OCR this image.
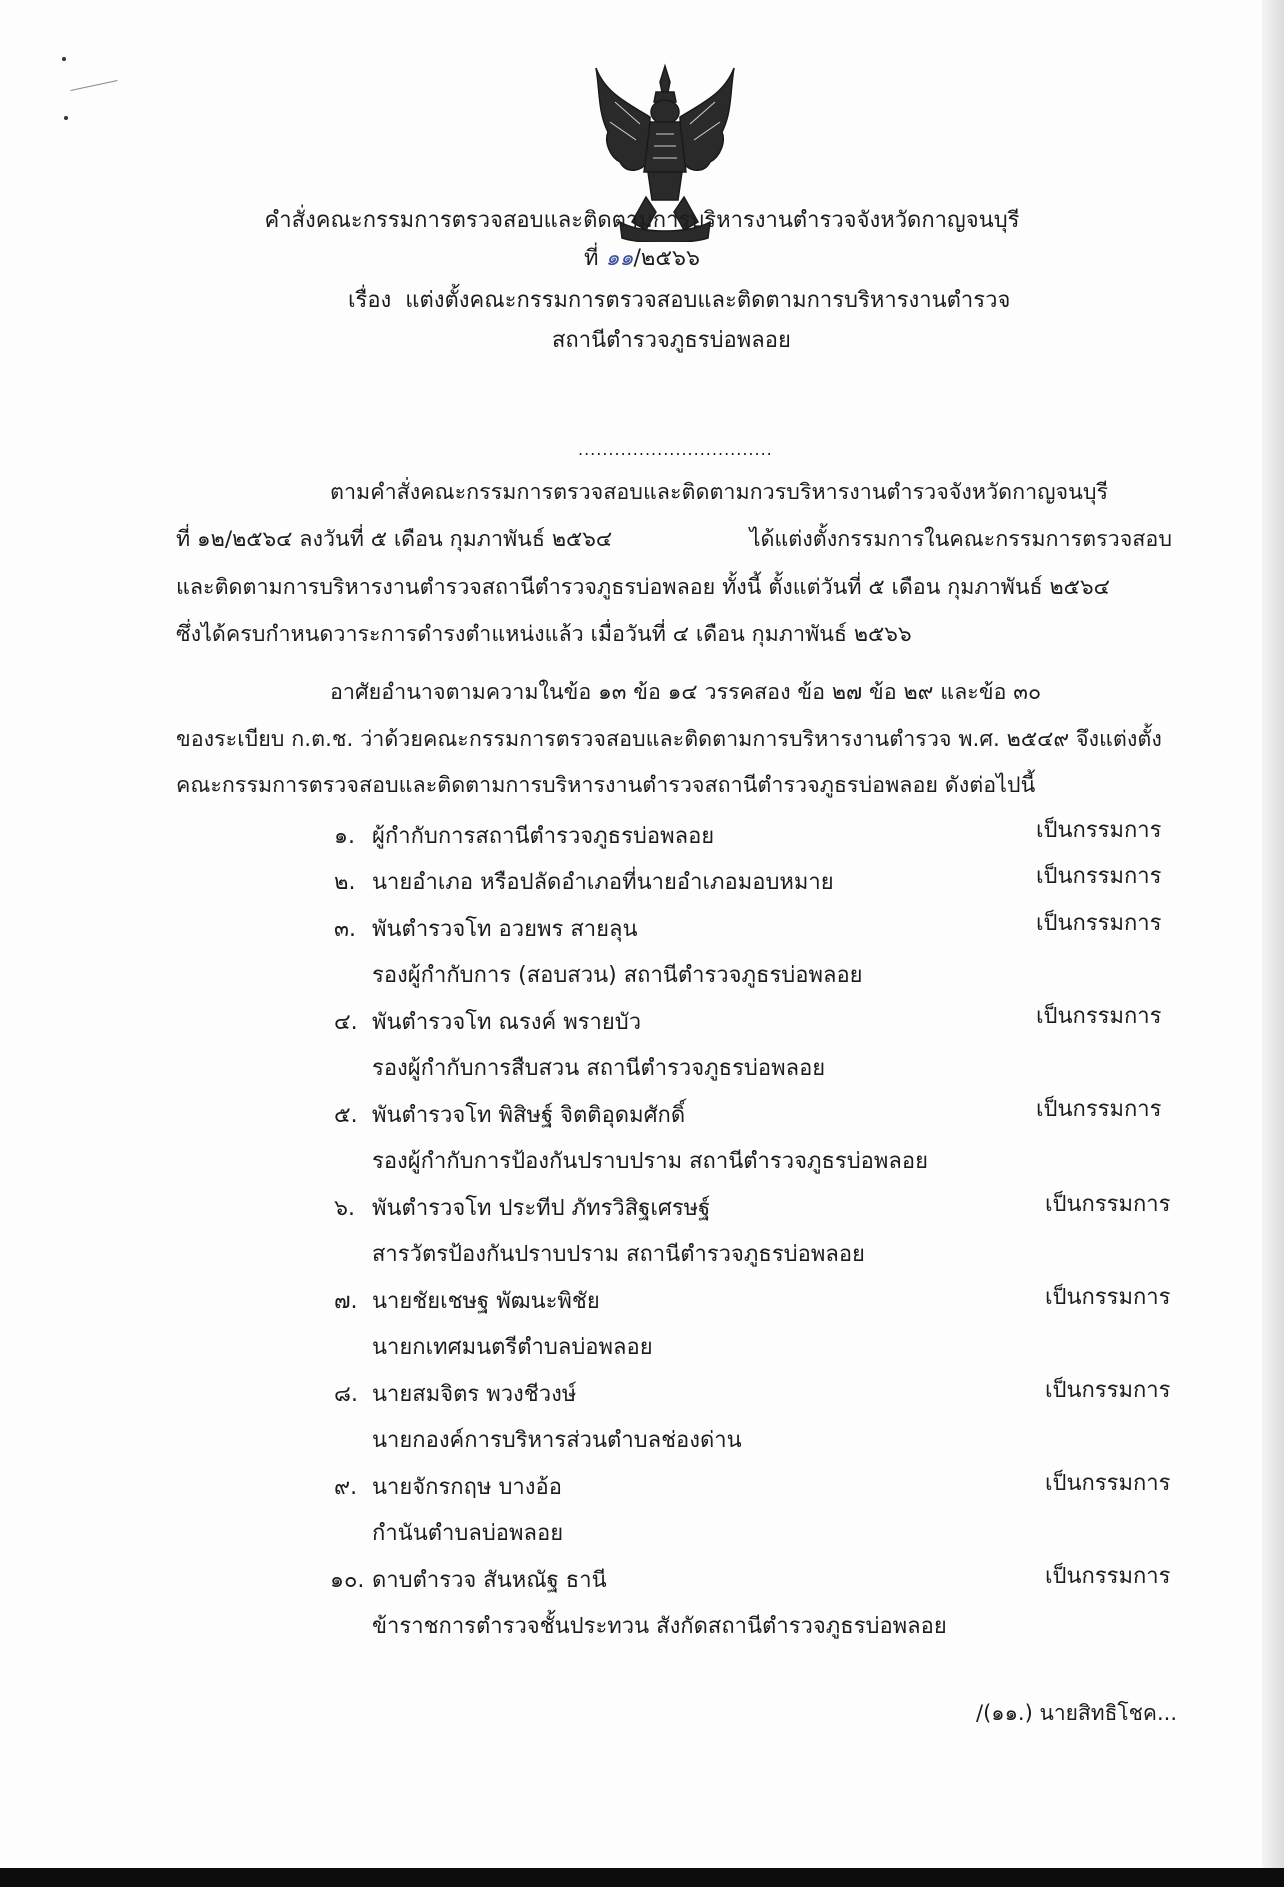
คำสั่งคณะกรรมการตรวจสอบและติดตามการบริหารงานตำรวจจังหวัดกาญจนบุรี
ที่ ๑๑/๒๕๖๖
เรื่อง แต่งตั้งคณะกรรมการตรวจสอบและติดตามการบริหารงานตำรวจ
สถานีตำรวจภูธรบ่อพลอย
................................
ตามคำสั่งคณะกรรมการตรวจสอบและติดตามกวรบริหารงานตำรวจจังหวัดกาญจนบุรี
ที่ ๑๒/๒๕๖๔ ลงวันที่ ๕ เดือน กุมภาพันธ์ ๒๕๖๔	ได้แต่งตั้งกรรมการในคณะกรรมการตรวจสอบ
และติดตามการบริหารงานตำรวจสถานีตำรวจภูธรบ่อพลอย ทั้งนี้ ตั้งแต่วันที่ ๕ เดือน กุมภาพันธ์ ๒๕๖๔
ซึ่งได้ครบกำหนดวาระการดำรงตำแหน่งแล้ว เมื่อวันที่ ๔ เดือน กุมภาพันธ์ ๒๕๖๖
อาศัยอำนาจตามความในข้อ ๑๓ ข้อ ๑๔ วรรคสอง ข้อ ๒๗ ข้อ ๒๙ และข้อ ๓๐
ของระเบียบ ก.ต.ช. ว่าด้วยคณะกรรมการตรวจสอบและติดตามการบริหารงานตำรวจ พ.ศ. ๒๕๔๙ จึงแต่งตั้ง
คณะกรรมการตรวจสอบและติดตามการบริหารงานตำรวจสถานีตำรวจภูธรบ่อพลอย ดังต่อไปนี้
๑. ผู้กำกับการสถานีตำรวจภูธรบ่อพลอย	เป็นกรรมการ
๒. นายอำเภอ หรือปลัดอำเภอที่นายอำเภอมอบหมาย	เป็นกรรมการ
๓. พันตำรวจโท อวยพร สายลุน	เป็นกรรมการ
รองผู้กำกับการ (สอบสวน) สถานีตำรวจภูธรบ่อพลอย
๔. พันตำรวจโท ณรงค์ พรายบัว	เป็นกรรมการ
รองผู้กำกับการสืบสวน สถานีตำรวจภูธรบ่อพลอย
๕. พันตำรวจโท พิสิษฐ์ จิตติอุดมศักดิ์	เป็นกรรมการ
รองผู้กำกับการป้องกันปราบปราม สถานีตำรวจภูธรบ่อพลอย
๖. พันตำรวจโท ประทีป ภัทรวิสิฐเศรษฐ์	เป็นกรรมการ
สารวัตรป้องกันปราบปราม สถานีตำรวจภูธรบ่อพลอย
๗. นายชัยเชษฐ พัฒนะพิชัย	เป็นกรรมการ
นายกเทศมนตรีตำบลบ่อพลอย
๘. นายสมจิตร พวงชีวงษ์	เป็นกรรมการ
นายกองค์การบริหารส่วนตำบลช่องด่าน
๙. นายจักรกฤษ บางอ้อ	เป็นกรรมการ
กำนันตำบลบ่อพลอย
๑๐. ดาบตำรวจ สันหณัฐ ธานี	เป็นกรรมการ
ข้าราชการตำรวจชั้นประทวน สังกัดสถานีตำรวจภูธรบ่อพลอย
/(๑๑.) นายสิทธิโชค...
